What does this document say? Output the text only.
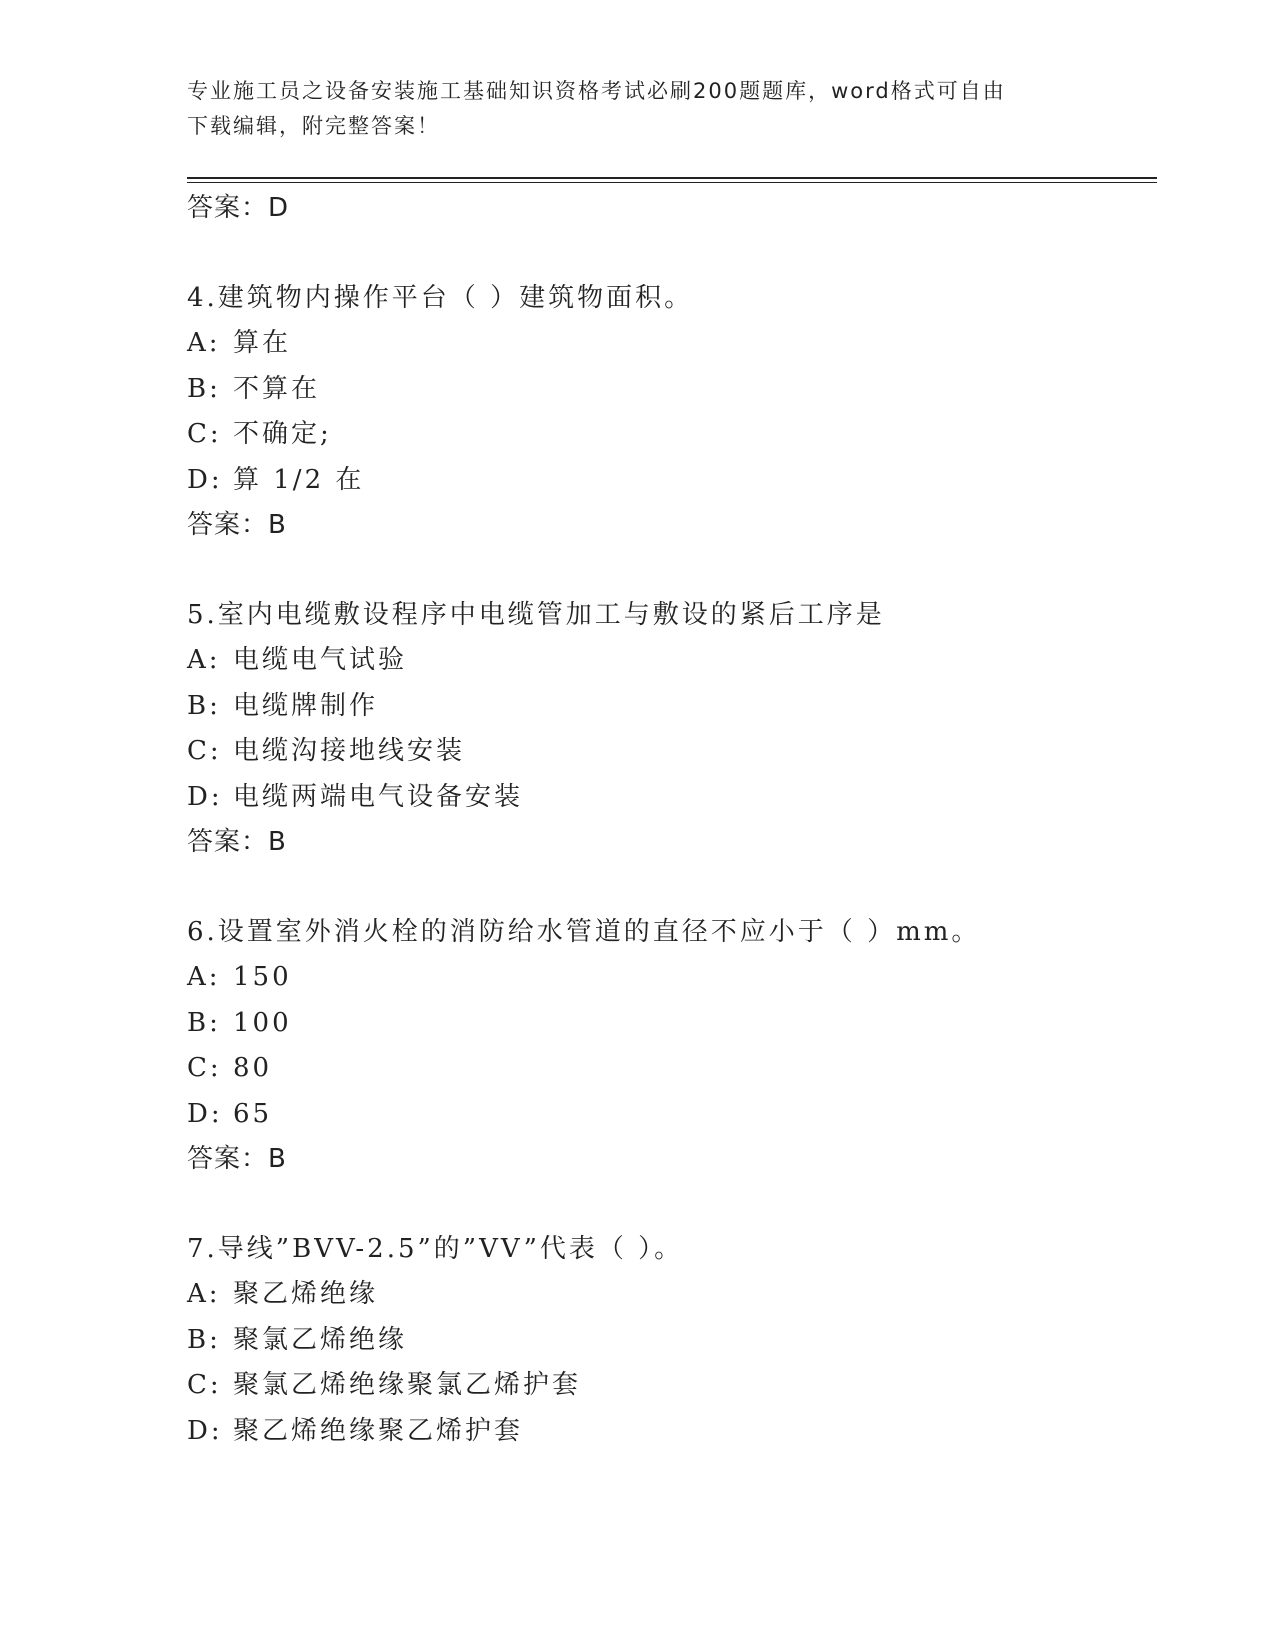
专业施工员之设备安装施工基础知识资格考试必刷200题题库，word格式可自由
下载编辑，附完整答案！
答案：D
4.建筑物内操作平台（ ）建筑物面积。
A: 算在
B: 不算在
C: 不确定;
D: 算 1/2 在
答案：B
5.室内电缆敷设程序中电缆管加工与敷设的紧后工序是
A: 电缆电气试验
B: 电缆牌制作
C: 电缆沟接地线安装
D: 电缆两端电气设备安装
答案：B
6.设置室外消火栓的消防给水管道的直径不应小于（ ）mm。
A: 150
B: 100
C: 80
D: 65
答案：B
7.导线”BVV-2.5”的”VV”代表（ ）。
A: 聚乙烯绝缘
B: 聚氯乙烯绝缘
C: 聚氯乙烯绝缘聚氯乙烯护套
D: 聚乙烯绝缘聚乙烯护套
